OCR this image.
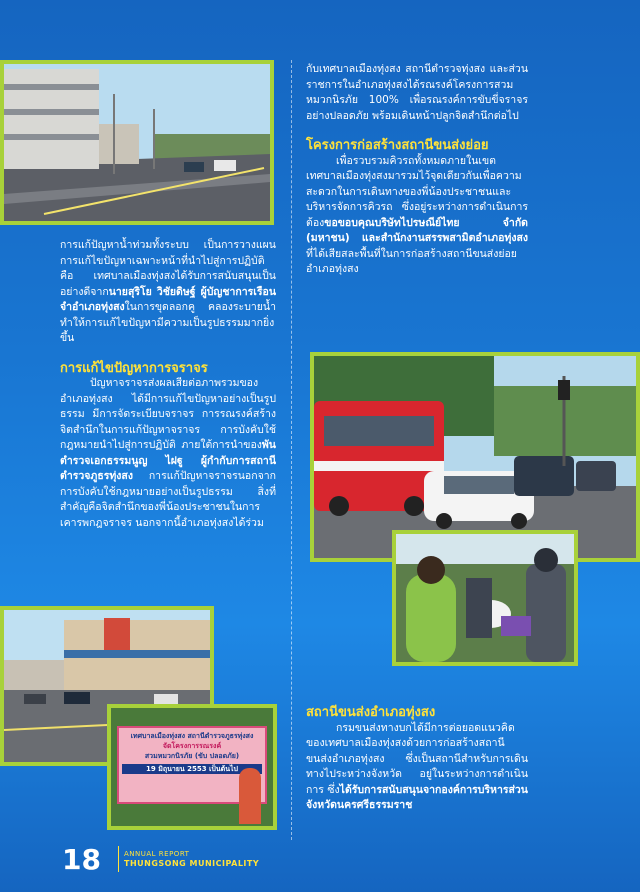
การแก้ปัญหาน้ำท่วมทั้งระบบ เป็นการวางแผนการแก้ไขปัญหาเฉพาะหน้าที่นำไปสู่การปฏิบัติคือ เทศบาลเมืองทุ่งสงได้รับการสนับสนุนเป็นอย่างดีจากนายสุริโย วิชัยดิษฐ์ ผู้บัญชาการเรือนจำอำเภอทุ่งสงในการขุดลอกคู คลองระบายน้ำ ทำให้การแก้ไขปัญหามีความเป็นรูปธรรมมากยิ่งขึ้น

การแก้ไขปัญหาการจราจร

ปัญหาจราจรส่งผลเสียต่อภาพรวมของอำเภอทุ่งสง ได้มีการแก้ไขปัญหาอย่างเป็นรูปธรรม มีการจัดระเบียบจราจร การรณรงค์สร้างจิตสำนึกในการแก้ปัญหาจราจร การบังคับใช้กฎหมายนำไปสู่การปฏิบัติ ภายใต้การนำของพันตำรวจเอกธรรมนูญ ไฝฐู ผู้กำกับการสถานีตำรวจภูธรทุ่งสง การแก้ปัญหาจราจรนอกจากการบังคับใช้กฎหมายอย่างเป็นรูปธรรม สิ่งที่สำคัญคือจิตสำนึกของพี่น้องประชาชนในการเคารพกฎจราจร นอกจากนี้อำเภอทุ่งสงได้ร่วม

เทศบาลเมืองทุ่งสง สถานีตำรวจภูธรทุ่งสง
จัดโครงการรณรงค์
สวมหมวกนิรภัย (ขับ ปลอดภัย)
19 มิถุนายน 2553 เป็นต้นไป

กับเทศบาลเมืองทุ่งสง สถานีตำรวจทุ่งสง และส่วนราชการในอำเภอทุ่งสงได้รณรงค์โครงการสวมหมวกนิรภัย 100% เพื่อรณรงค์การขับขี่จราจรอย่างปลอดภัย พร้อมเดินหน้าปลูกจิตสำนึกต่อไป

โครงการก่อสร้างสถานีขนส่งย่อย

เพื่อรวบรวมคิวรถทั้งหมดภายในเขตเทศบาลเมืองทุ่งสงมารวมไว้จุดเดียวกันเพื่อความสะดวกในการเดินทางของพี่น้องประชาชนและบริหารจัดการคิวรถ ซึ่งอยู่ระหว่างการดำเนินการ ต้องขอขอบคุณบริษัทไปรษณีย์ไทย จำกัด (มหาชน) และสำนักงานสรรพสามิตอำเภอทุ่งสง ที่ได้เสียสละพื้นที่ในการก่อสร้างสถานีขนส่งย่อยอำเภอทุ่งสง

สถานีขนส่งอำเภอทุ่งสง

กรมขนส่งทางบกได้มีการต่อยอดแนวคิดของเทศบาลเมืองทุ่งสงด้วยการก่อสร้างสถานีขนส่งอำเภอทุ่งสง ซึ่งเป็นสถานีสำหรับการเดินทางไประหว่างจังหวัด อยู่ในระหว่างการดำเนินการ ซึ่งได้รับการสนับสนุนจากองค์การบริหารส่วนจังหวัดนครศรีธรรมราช

18	ANNUAL REPORT
THUNGSONG MUNICIPALITY
